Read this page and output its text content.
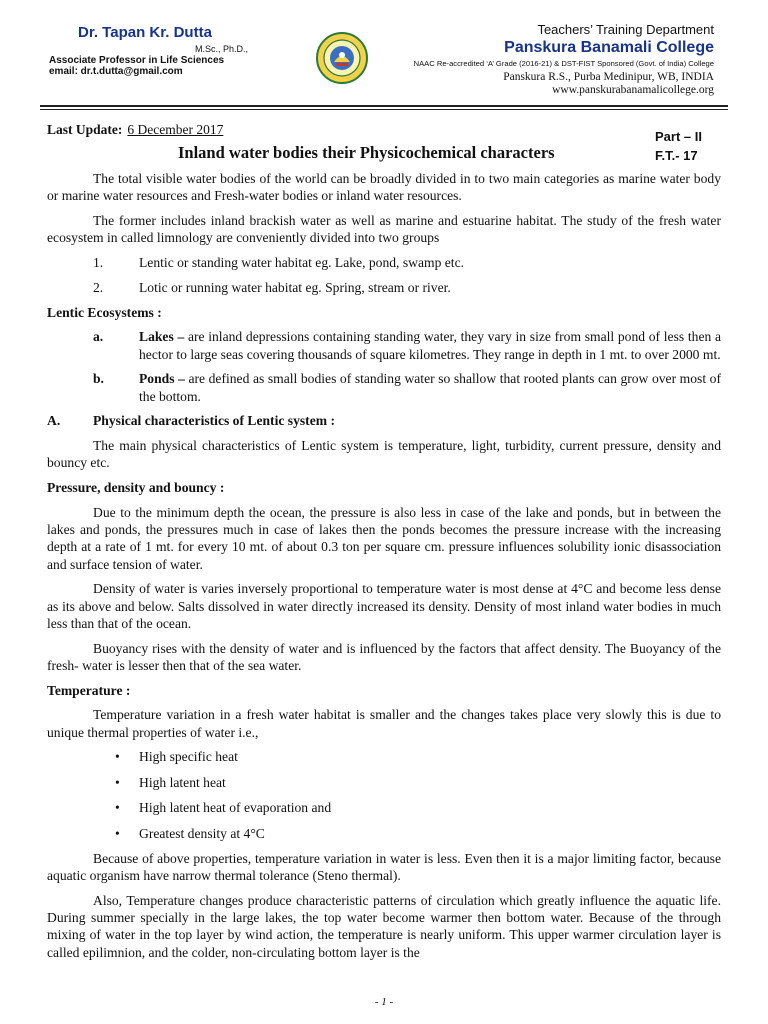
Dr. Tapan Kr. Dutta
M.Sc., Ph.D.,
Associate Professor in Life Sciences
email: dr.t.dutta@gmail.com
Teachers’ Training Department
Panskura Banamali College
NAAC Re-accredited ‘A’ Grade (2016-21) & DST-FIST Sponsored (Govt. of India) College
Panskura R.S., Purba Medinipur, WB, INDIA
www.panskurabanamalicollege.org
Last Update: 6 December 2017	Part – II
F.T.- 17
Inland water bodies their Physicochemical characters

The total visible water bodies of the world can be broadly divided in to two main categories as marine water body or marine water resources and Fresh-water bodies or inland water resources.

The former includes inland brackish water as well as marine and estuarine habitat. The study of the fresh water ecosystem in called limnology are conveniently divided into two groups

1.	Lentic or standing water habitat eg. Lake, pond, swamp etc.
2.	Lotic or running water habitat eg. Spring, stream or river.

Lentic Ecosystems :

a.	Lakes – are inland depressions containing standing water, they vary in size from small pond of less then a hector to large seas covering thousands of square kilometres. They range in depth in 1 mt. to over 2000 mt.
b.	Ponds – are defined as small bodies of standing water so shallow that rooted plants can grow over most of the bottom.
A.	Physical characteristics of Lentic system :

The main physical characteristics of Lentic system is temperature, light, turbidity, current pressure, density and bouncy etc.

Pressure, density and bouncy :

Due to the minimum depth the ocean, the pressure is also less in case of the lake and ponds, but in between the lakes and ponds, the pressures much in case of lakes then the ponds becomes the pressure increase with the increasing depth at a rate of 1 mt. for every 10 mt. of about 0.3 ton per square cm. pressure influences solubility ionic disassociation and surface tension of water.

Density of water is varies inversely proportional to temperature water is most dense at 4°C and become less dense as its above and below. Salts dissolved in water directly increased its density. Density of most inland water bodies in much less than that of the ocean.

Buoyancy rises with the density of water and is influenced by the factors that affect density. The Buoyancy of the fresh- water is lesser then that of the sea water.

Temperature :

Temperature variation in a fresh water habitat is smaller and the changes takes place very slowly this is due to unique thermal properties of water i.e.,

•	High specific heat
•	High latent heat
•	High latent heat of evaporation and
•	Greatest density at 4°C

Because of above properties, temperature variation in water is less. Even then it is a major limiting factor, because aquatic organism have narrow thermal tolerance (Steno thermal).

Also, Temperature changes produce characteristic patterns of circulation which greatly influence the aquatic life. During summer specially in the large lakes, the top water become warmer then bottom water. Because of the through mixing of water in the top layer by wind action, the temperature is nearly uniform. This upper warmer circulation layer is called epilimnion, and the colder, non-circulating bottom layer is the

- 1 -
